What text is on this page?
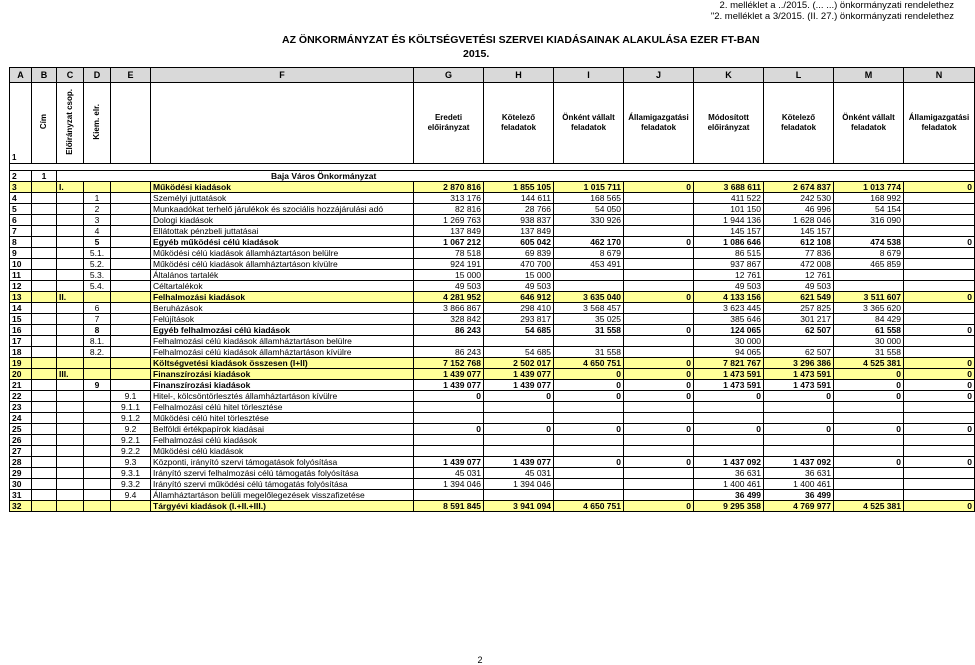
2. melléklet a ../2015. (... ...) önkormányzati rendelethez
"2. melléklet a 3/2015. (II. 27.) önkormányzati rendelethez
AZ ÖNKORMÁNYZAT ÉS KÖLTSÉGVETÉSI SZERVEI KIADÁSAINAK ALAKULÁSA EZER FT-BAN
2015.
A	B	C	D	E	F	G	H	I	J	K	L	M	N
1	Cím	Előirányzat csop.	Kiem. elr.			Eredeti előirányzat	Kötelező feladatok	Önként vállalt feladatok	Államigazgatási feladatok	Módosított előirányzat	Kötelező feladatok	Önként vállalt feladatok	Államigazgatási feladatok

2	1	Baja Város Önkormányzat											
3		I.			Működési kiadások	2 870 816	1 855 105	1 015 711	0	3 688 611	2 674 837	1 013 774	0
4			1		Személyi juttatások	313 176	144 611	168 565		411 522	242 530	168 992	
5			2		Munkaadókat terhelő járulékok és szociális hozzájárulási adó	82 816	28 766	54 050		101 150	46 996	54 154	
6			3		Dologi kiadások	1 269 763	938 837	330 926		1 944 136	1 628 046	316 090	
7			4		Ellátottak pénzbeli juttatásai	137 849	137 849			145 157	145 157		
8			5		Egyéb működési célú kiadások	1 067 212	605 042	462 170	0	1 086 646	612 108	474 538	0
9			5.1.		Működési célú kiadások államháztartáson belülre	78 518	69 839	8 679		86 515	77 836	8 679	
10			5.2.		Működési célú kiadások államháztartáson kívülre	924 191	470 700	453 491		937 867	472 008	465 859	
11			5.3.		Általános tartalék	15 000	15 000			12 761	12 761		
12			5.4.		Céltartalékok	49 503	49 503			49 503	49 503		
13		II.			Felhalmozási kiadások	4 281 952	646 912	3 635 040	0	4 133 156	621 549	3 511 607	0
14			6		Beruházások	3 866 867	298 410	3 568 457		3 623 445	257 825	3 365 620	
15			7		Felújítások	328 842	293 817	35 025		385 646	301 217	84 429	
16			8		Egyéb felhalmozási célú kiadások	86 243	54 685	31 558	0	124 065	62 507	61 558	0
17			8.1.		Felhalmozási célú kiadások államháztartáson belülre					30 000		30 000	
18			8.2.		Felhalmozási célú kiadások államháztartáson kívülre	86 243	54 685	31 558		94 065	62 507	31 558	
19					Költségvetési kiadások összesen (I+II)	7 152 768	2 502 017	4 650 751	0	7 821 767	3 296 386	4 525 381	0
20		III.			Finanszírozási kiadások	1 439 077	1 439 077	0	0	1 473 591	1 473 591	0	0
21			9		Finanszírozási kiadások	1 439 077	1 439 077	0	0	1 473 591	1 473 591	0	0
22				9.1	Hitel-, kölcsöntörlesztés államháztartáson kívülre	0	0	0	0	0	0	0	0
23				9.1.1	Felhalmozási célú hitel törlesztése								
24				9.1.2	Működési célú hitel törlesztése								
25				9.2	Belföldi értékpapírok kiadásai	0	0	0	0	0	0	0	0
26				9.2.1	Felhalmozási célú kiadások								
27				9.2.2	Működési célú kiadások								
28				9.3	Központi, irányító szervi támogatások folyósítása	1 439 077	1 439 077	0	0	1 437 092	1 437 092	0	0
29				9.3.1	Irányító szervi felhalmozási célú támogatás folyósítása	45 031	45 031			36 631	36 631		
30				9.3.2	Irányító szervi működési célú támogatás folyósítása	1 394 046	1 394 046			1 400 461	1 400 461		
31				9.4	Államháztartáson belüli megelőlegezések visszafizetése					36 499	36 499		
32					Tárgyévi kiadások (I.+II.+III.)	8 591 845	3 941 094	4 650 751	0	9 295 358	4 769 977	4 525 381	0
2
